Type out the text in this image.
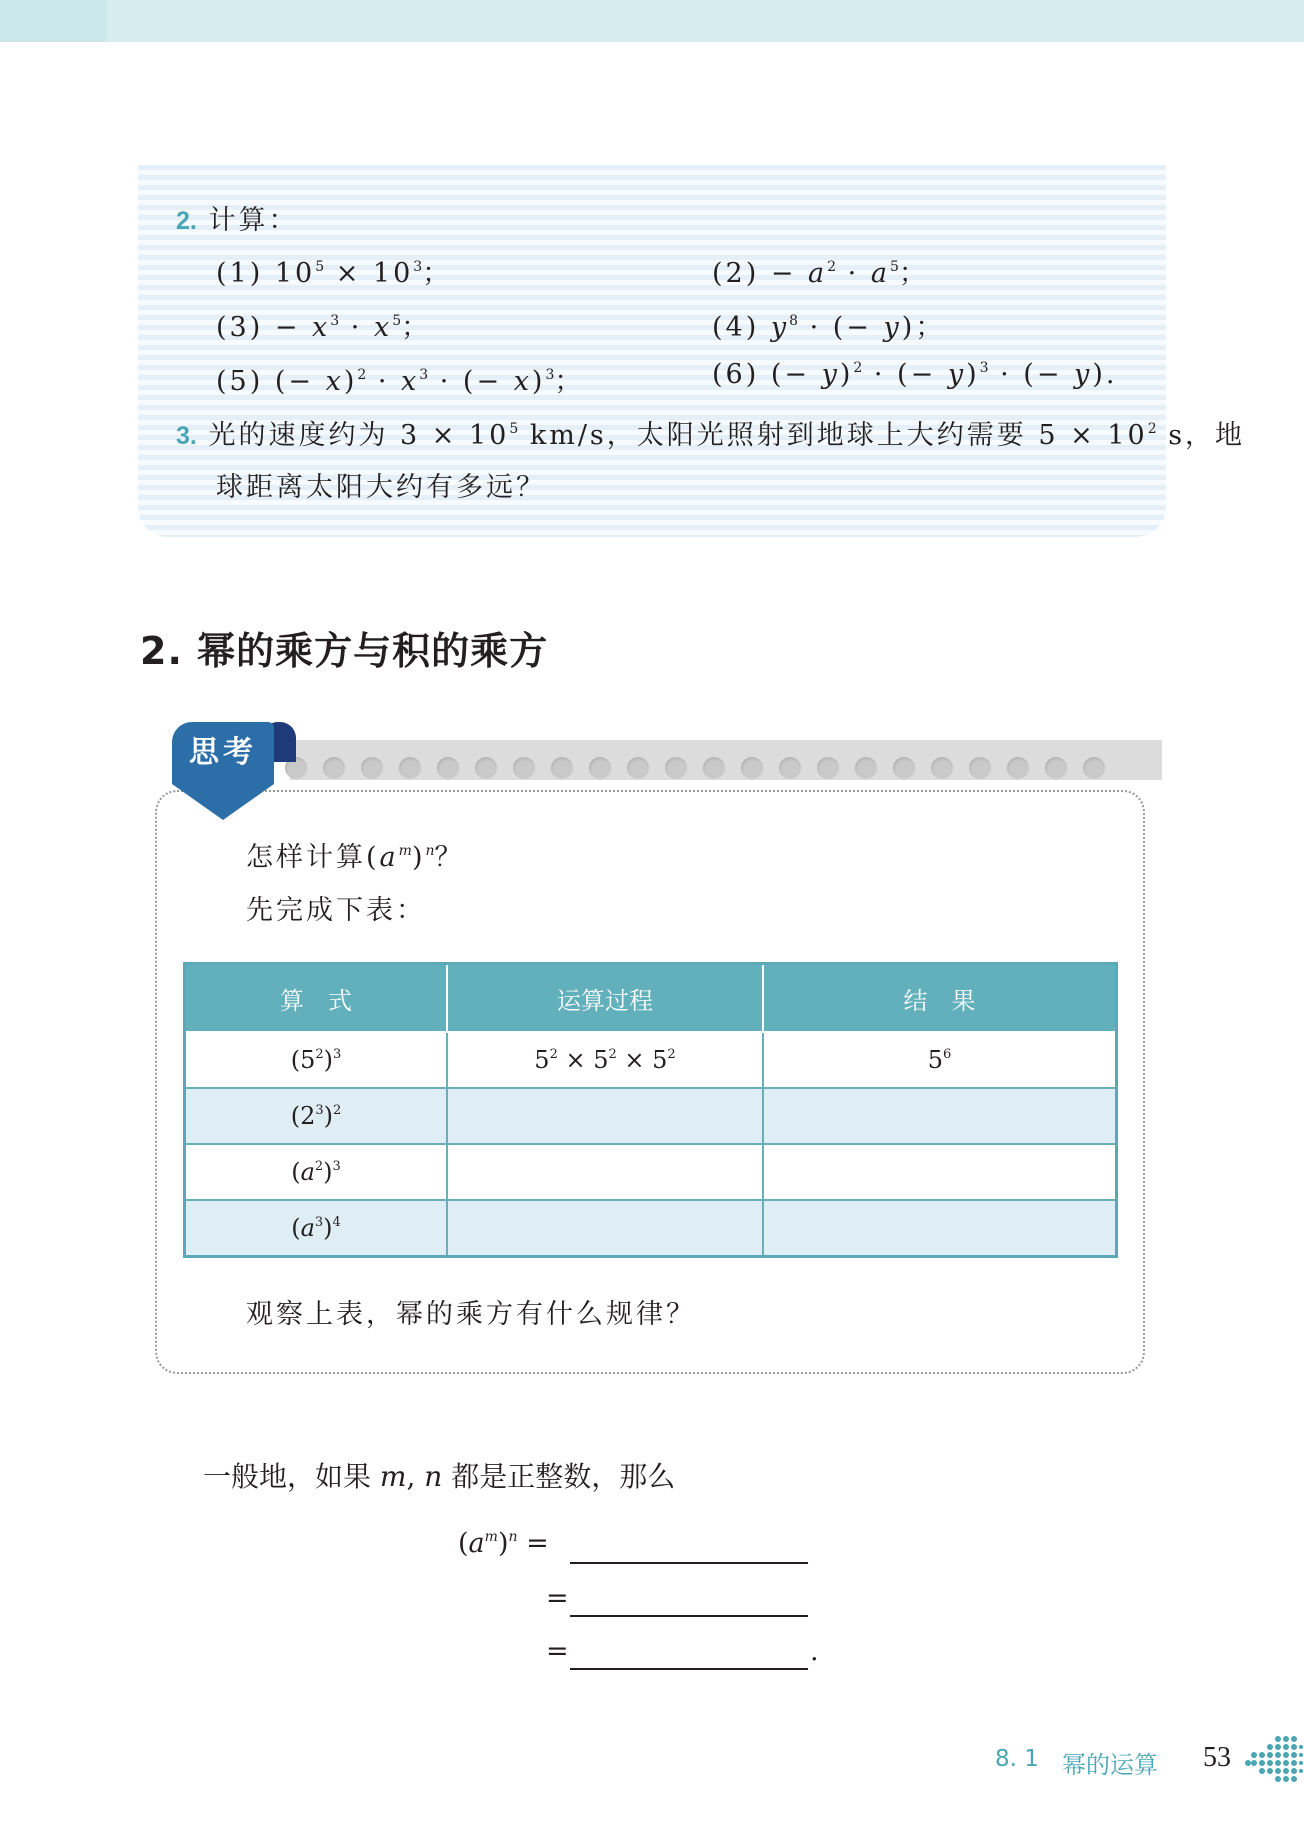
2. 计算：
(1) $10^5 \times 10^3$；	$(2) - a^2 \cdot a^5$；
$(3) - x^3 \cdot x^5$；	(4) $y^8$ · (− y)；
(5) (− $x)^2 \cdot x^3$ · (− x)$^3$；	(6) (− y)$^2$ · (− y)$^3$ · (− y).
3. 光的速度约为 $3 \times 10^5$ km/s，太阳光照射到地球上大约需要 $5 \times 10^2$ s，地
球距离太阳大约有多远？
2. 幂的乘方与积的乘方
思考
怎样计算$(a^m)^n$？
先完成下表：
算　式	运算过程	结　果
$(5^2)^3$	$5^2 \times 5^2 \times 5^2$	$5^6$
$(2^3)^2$		
$(a^2)^3$		
$(a^3)^4$		
观察上表，幂的乘方有什么规律？
一般地，如果 m, n 都是正整数，那么
$(a^m)^n$ =
=
=	.
8. 1 幂的运算 53
